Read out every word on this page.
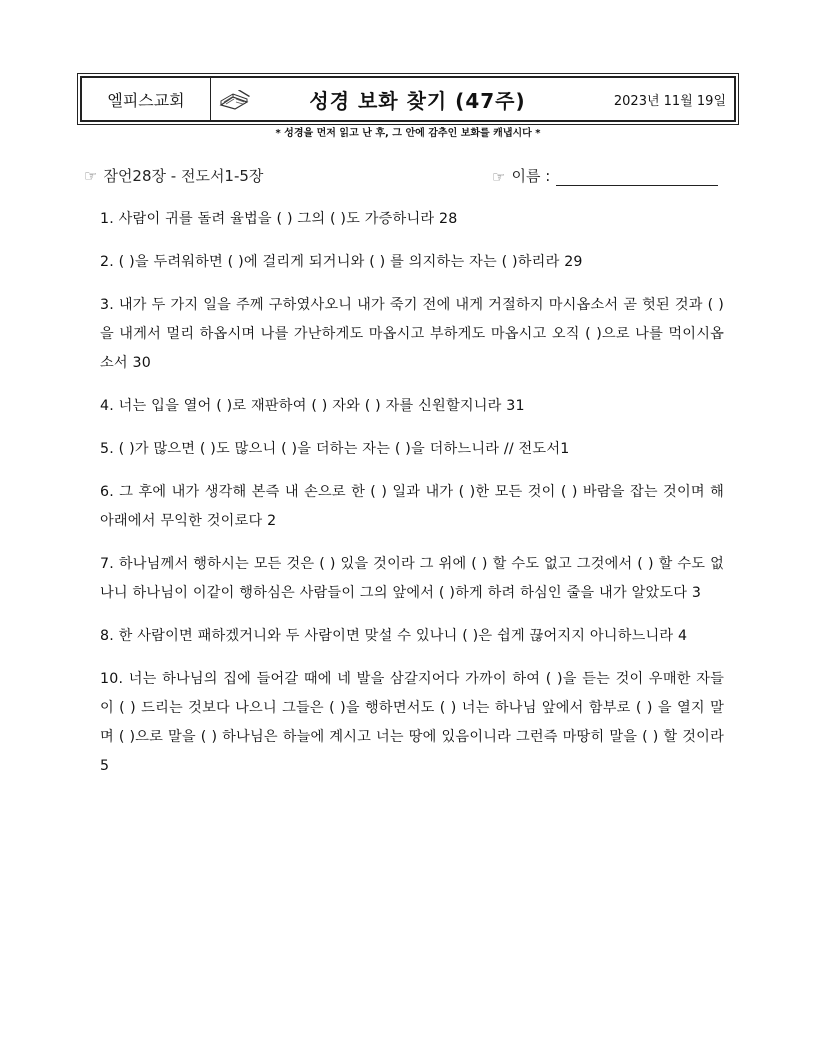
엘피스교회	성경 보화 찾기 (47주)	2023년 11월 19일
* 성경을 먼저 읽고 난 후, 그 안에 감추인 보화를 캐냅시다 *
☞ 잠언28장 - 전도서1-5장	☞ 이름 :
1. 사람이 귀를 돌려 율법을 ( ) 그의 ( )도 가증하니라 28
2. ( )을 두려워하면 ( )에 걸리게 되거니와 ( ) 를 의지하는 자는 ( )하리라 29
3. 내가 두 가지 일을 주께 구하였사오니 내가 죽기 전에 내게 거절하지 마시옵소서 곧 헛된 것과 ( )을 내게서 멀리 하옵시며 나를 가난하게도 마옵시고 부하게도 마옵시고 오직 ( )으로 나를 먹이시옵소서 30
4. 너는 입을 열어 ( )로 재판하여 ( ) 자와 ( ) 자를 신원할지니라 31
5. ( )가 많으면 ( )도 많으니 ( )을 더하는 자는 ( )을 더하느니라 // 전도서1
6. 그 후에 내가 생각해 본즉 내 손으로 한 ( ) 일과 내가 ( )한 모든 것이 ( ) 바람을 잡는 것이며 해 아래에서 무익한 것이로다 2
7. 하나님께서 행하시는 모든 것은 ( ) 있을 것이라 그 위에 ( ) 할 수도 없고 그것에서 ( ) 할 수도 없나니 하나님이 이같이 행하심은 사람들이 그의 앞에서 ( )하게 하려 하심인 줄을 내가 알았도다 3
8. 한 사람이면 패하겠거니와 두 사람이면 맞설 수 있나니 ( )은 쉽게 끊어지지 아니하느니라 4
10. 너는 하나님의 집에 들어갈 때에 네 발을 삼갈지어다 가까이 하여 ( )을 듣는 것이 우매한 자들이 ( ) 드리는 것보다 나으니 그들은 ( )을 행하면서도 ( ) 너는 하나님 앞에서 함부로 ( ) 을 열지 말며 ( )으로 말을 ( ) 하나님은 하늘에 계시고 너는 땅에 있음이니라 그런즉 마땅히 말을 ( ) 할 것이라 5
